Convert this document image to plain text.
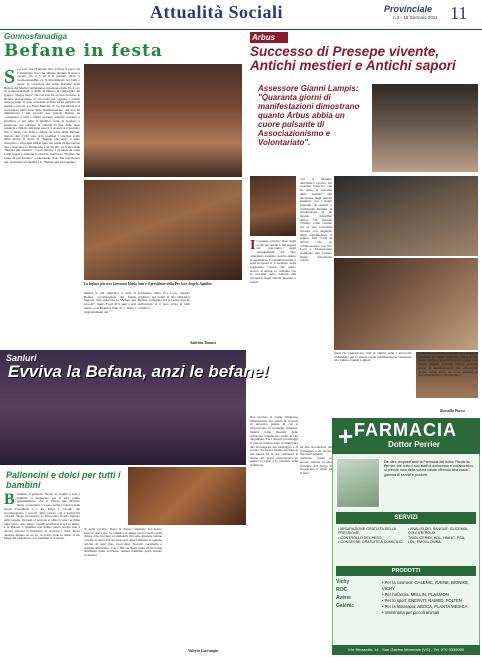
Attualità Sociali	Provinciale
n.2 - 15 Gennaio 2011 11
Gonnosfanadiga
Befane in festa
Se è vero che l'Epifania tutte le feste si porta via è altrettanto vero che almeno durante la notte a cavallo tra il 5 ed il 6 gennaio 2011, a Gonnosfanadiga c'è il divertimento tra balli e risate. In occasione del Santo Radamo della Befane del Medio Campidano organizzata dalla Pro Loco di Gonnosfanadiga, a ritmo di musica in compagnia del gruppo "Happy Days" che con brio ha accorso la notte, le Befane protagoniste, in ottocento per oggetto, i vestiti delle la palio, si sono scatenate di feste ad un pubblico di grandi e piccoli. La Festa Mercato di via Pabillonis si è trasformata nella sede della manifestazione, che non ha dimenticato i più piccoli: una grande Befana ha consegnato a tutti i bimbi presenti qualche dolcetto e giochino, e per tutto il pubblico fette di panduro e panettone, per salutare in allegria la fine delle feste natalizie e l'inizio dell'anno nuovo. L'evento si è protratto fino a tardi, con balli e sfilate da parte delle Befane; intorno alle 23.30 sono stati premiati i vincitori scelti dalla giuria. Il titolo di "Befana più sexy" è stato assegnato a Giovanni Mario Sais, nei panni di una befana alta e slanciata, in minigonna e tacchi alti. La scelta della "Befana più anziana", a pari merito, è ricaduta su Gina Luigi Sogus e Antonia Uccheddu, mentre la "Befana che viene da più lontano" a Alessandro Sais. Ma non finisce qui. Antonella Uccheddu è la "Befana più stravagante",
La befana più sexy Giovanni Mario Saia e il presidente della Pro loco Angelo Agabbio
mentre la più simpatica è stata la Befana accompagnata dal fedele Signore. Non mancano le "Befane più piccole": Ilenia Fosci di 9 anni a pari merito con Federica Pani di 7. Dopo i ringraziamenti del
presidente della Pro Loco, Angelo Agabbio, nei panni di una simpatica Befana, sodisfatto per la buona riuscita dell'evento, si è dato avvio ai balli collettivi.
Sabrina Tomasi
Sanluri
Evviva la Befana, anzi le befane!
Palloncini e dolci per tutti i bambini
Bambina, 6 gennaio. Suona la sveglia e tutti i bambini si preparano per il loro primo appuntamento. Ore 9. Piazza San Martino inizia a popolarsi. Ci sono anche i ragazzi della banda Ponchielli e i Re Magi a cavallo che accompagnano i piccoli dalla piazza con i palloncini colorati. Tappa successiva: la Parrocchia Nostra Signora delle Grazie. Davanti al portone si affaccia una vecchina tutta curva, naso lungo, capelli arruffati e scopa in mano: è la Befana. I bambini non hanno paura perché non è ancora arrivato il momento di ricevere i doni. Dopo qualche minuto se ne va, di scatto cede la mano al Re Magi che l'aspettava, ed i bambini la scortano
di nulla eccetto. Dopo la messa celebrata dal nostro parroco don Lino, la comitiva si dirige verso l'uscita della chiesa dove trovano ad attenderli ben sette giunone befane cariche di dolci. Un successo per ogni bambino: le ognuna dolcini di ogni tipo. Cioccolini, biscotti, caramelle e gomme americane. Con i 300 sacchetti pieni di leccornie distribuiti dalle vecchine, nessun bambino potrà restare scontento.
Valeria Carcangiu
Arbus
Successo di Presepe vivente, Antichi mestieri e Antichi sapori
Assessore Gianni Lampis: "Quaranta giorni di manifestazioni dimostrano quanto Arbus abbia un cuore pulsante di Associazionismo e Volontariato".
Il presepe vivente, visto dagli occhi più attenti e più segreti nel panorama degli appuntamenti del fitto calendario natalizio, non ha deluso le aspettative. La manifestazione è stata proposta il 2 Gennaio nella suggestiva cornice del centro storico di Arbus. Ci vediamo con la sacralità della natività alla riscoperta degli antichi mestieri e sapori.
con il Maestro dell'Antico Cirolio. Un costante intreccio che ha unito la sacralità della natività alla riscoperta degli antichi mestieri, con i degni figuranti di antichi e tradizionali mestieri, la ricostruzione di un mondo contadino antico. Un presepe vivente, come vivente era la vita contadina ricreata con impegno dagli organizzatori, il gruppo folk "Città di Arbus" che in collaborazione con Pro Loco e l'Assessorato comunale alla Cultura hanno fortemente voluto.
giani che preparavano tutti in vimini, selle e terrecotte. Soddisfatto per la riuscita della manifestazione l'assessore alla Cultura Gianni Lampis.
"L'Amministrazione comunale non manca di sostenere le valide iniziative culturali che danno vitalità e vivacità al nostro paese. Con Natale Insieme abbiamo offerto quaranta giorni di manifestazioni che dimostrano quanto Arbus abbia un cuore pulsante di Associazionismo e Volontariato".
Rossella Porcu
Nel vecchio la soglia d'ingresso l'impressione era quella di trovarsi in un'antica piazza in cui si affacciavano le botteghe artigiane, mentre dalle finestre delle abitazioni trapelavano suoni di vita quotidiana. Tra i diversi personaggi il pastore intento dopo la mungitura alla lavorazione del formaggio e di ricotta. Su fornei intanto sicchina la sua tapera ed in sua vicinanza le donne del paese preparavano su spiedo la carne e le pietanze della tradizione.
ed alla lavorazione del formaggio e di ricotta. Successivamente venivano tosate le pecore, mentre in altre botteghe del borgo si lavoravano il legno ed il ferro.
+ FARMACIA
Dottor Perrier
Da oltre cinquant'anni la Farmacia del dottor Riccardo Perrier, con tutto il suo staff di dottoresse e collaboratori, si prende cura della vostra salute offrendo una vasta gamma di servizi e prodotti.
SERVIZI
• MISURAZIONE GRATUITA DELLA PRESSIONE,
• CONTROLLO DEL PESO,
• CONSEGNE GRATUITE A DOMICILIO.
• ANALISI DEL SANGUE: GLICEMIA, COLESTEROLO,
TRIGLICERIDI, HDL, HBA1C, PSA,
LDL, EMOGLOBINA.
PRODOTTI
Vichy
ROC
Avène
Galénic
• Per la cosmesi: GALENIC, AVENE, BIONIKE, VICHY
• Per l'infanzia: MELLIN, PLASMON
• Per lo sport: ENERVIT, NAMED, FOLTEN
• Per la fitoterapia: ABOCA, PLANTA MEDICA
• Veterinaria per piccoli animali
V.le Rinascita, 14 - San Gavino Monreale (VS) - Tel. 070 9339090
